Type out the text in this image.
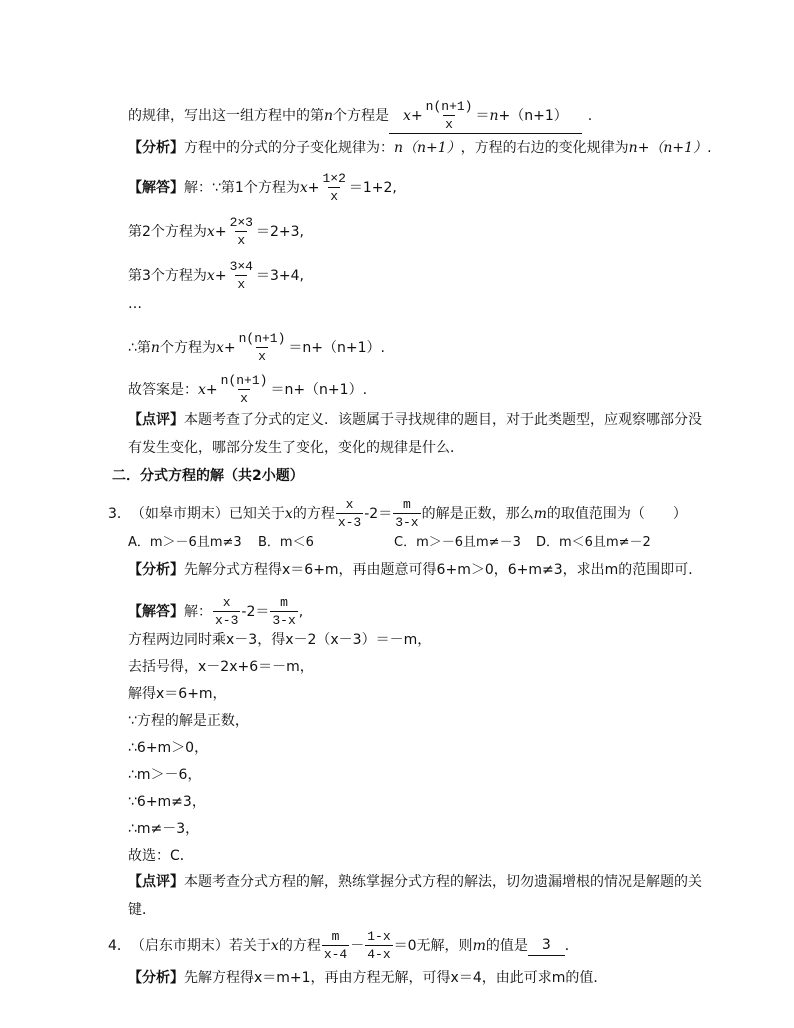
的规律，写出这一组方程中的第 n 个方程是 $x + \frac{n(n+1)}{x} = n +(n+1)$ .
【分析】 方程中的分式的分子变化规律为： n（n+1） ，方程的右边的变化规律为 n+（n+1） .
【解答】 解：∵第1个方程为 $x + \frac{1\times 2}{x} =1+2$,
第2个方程为 $x + \frac{2\times 3}{x} =2+3$,
第3个方程为 $x + \frac{3\times 4}{x} =3+4$,
…
∴第 n 个方程为 $x + \frac{n(n+1)}{x} =n+(n+1)$.
故答案是： $x + \frac{n(n+1)}{x} =n+(n+1)$.
【点评】 本题考查了分式的定义．该题属于寻找规律的题目，对于此类题型，应观察哪部分没
有发生变化，哪部分发生了变化，变化的规律是什么．
二．分式方程的解（共2小题）
3． （如皋市期末）已知关于 x 的方程 $\frac{x}{x-3} -2= \frac{m}{3-x}$ 的解是正数，那么 m 的取值范围为（　　）
A．m＞－6且m≠3	B．m＜6	C．m＞－6且m≠－3	D．m＜6且m≠－2
【分析】 先解分式方程得x＝6+m，再由题意可得6+m＞0，6+m≠3，求出m的范围即可．
【解答】 解： $\frac{x}{x-3} -2= \frac{m}{3-x}$ ,
方程两边同时乘x－3，得x－2（x－3）＝－m，
去括号得，x－2x+6＝－m，
解得x＝6+m，
∵方程的解是正数，
∴6+m＞0，
∴m＞－6，
∵6+m≠3，
∴m≠－3，
故选：C．
【点评】 本题考查分式方程的解，熟练掌握分式方程的解法，切勿遗漏增根的情况是解题的关
键．
4． （启东市期末）若关于 x 的方程 $\frac{m}{x-4} - \frac{1-x}{4-x} =0$无解，则 m 的值是 3 ．
【分析】 先解方程得x＝m+1，再由方程无解，可得x＝4，由此可求m的值．
